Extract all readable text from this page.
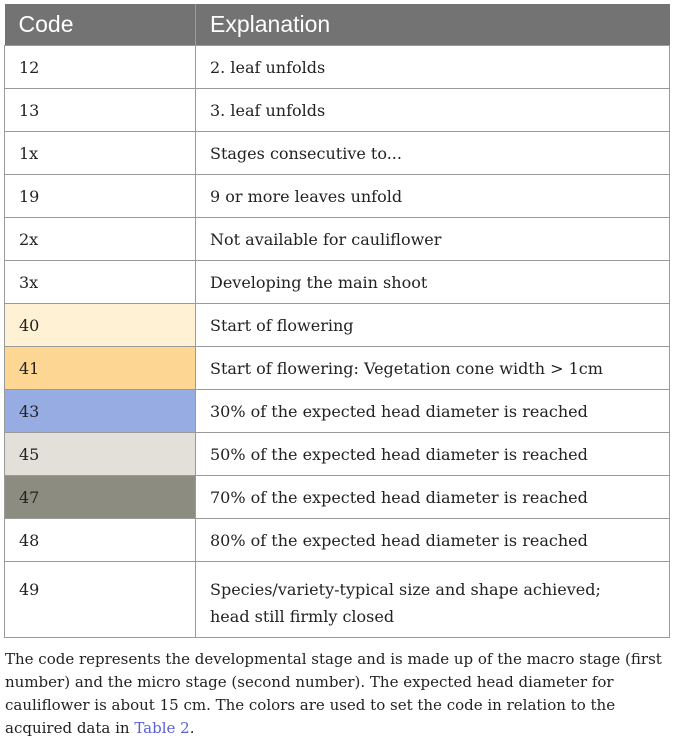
Code	Explanation
12	2. leaf unfolds
13	3. leaf unfolds
1x	Stages consecutive to...
19	9 or more leaves unfold
2x	Not available for cauliflower
3x	Developing the main shoot
40	Start of flowering
41	Start of flowering: Vegetation cone width > 1cm
43	30% of the expected head diameter is reached
45	50% of the expected head diameter is reached
47	70% of the expected head diameter is reached
48	80% of the expected head diameter is reached

49	Species/variety-typical size and shape achieved;
head still firmly closed
The code represents the developmental stage and is made up of the macro stage (first number) and the micro stage (second number). The expected head diameter for cauliflower is about 15 cm. The colors are used to set the code in relation to the acquired data in Table 2.
